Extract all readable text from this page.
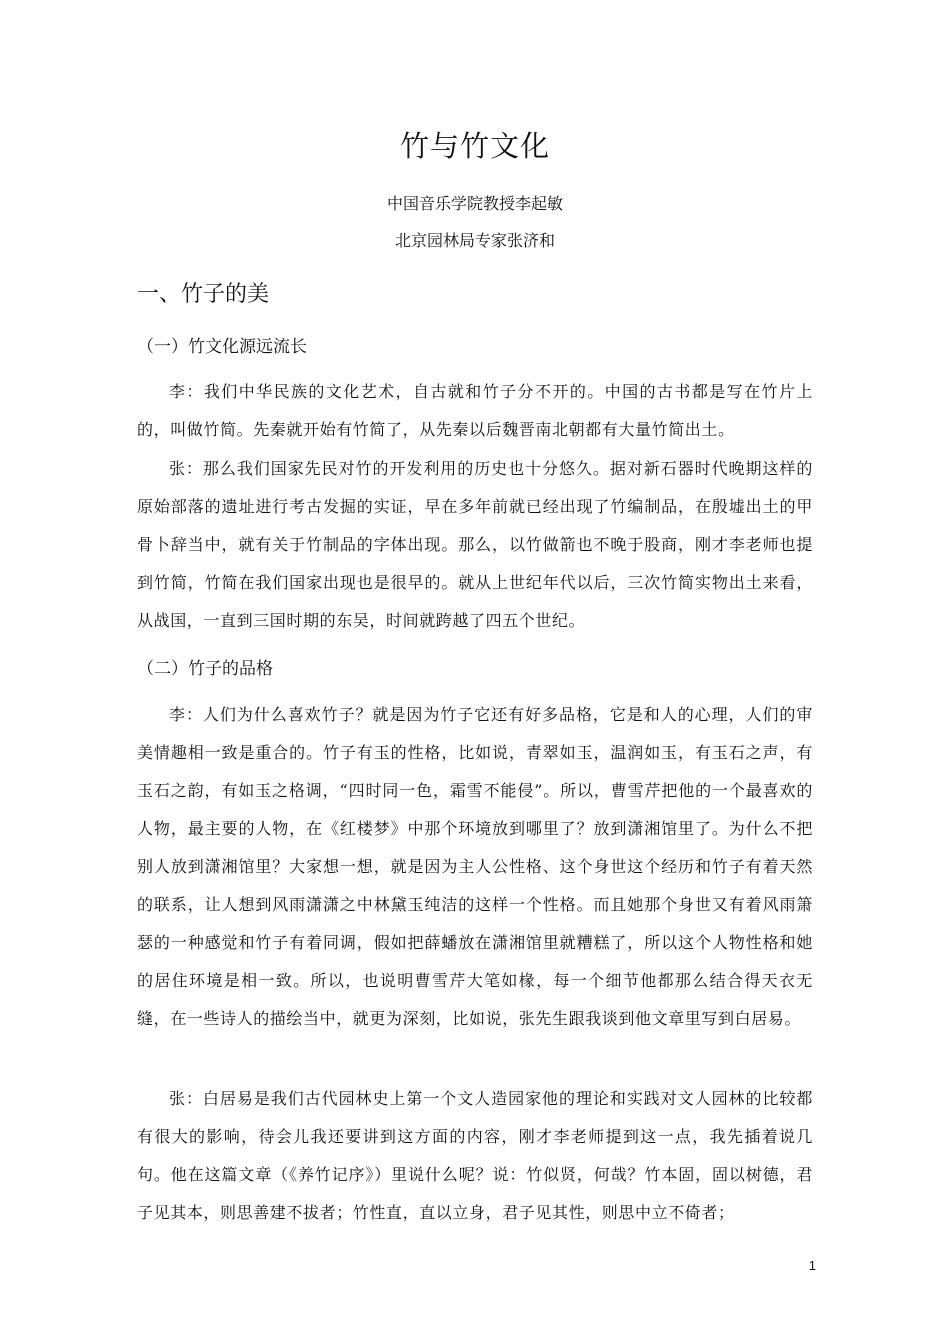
竹与竹文化
中国音乐学院教授李起敏
北京园林局专家张济和
一、竹子的美
（一）竹文化源远流长

李：我们中华民族的文化艺术，自古就和竹子分不开的。中国的古书都是写在竹片上的，叫做竹简。先秦就开始有竹简了，从先秦以后魏晋南北朝都有大量竹简出土。

张：那么我们国家先民对竹的开发利用的历史也十分悠久。据对新石器时代晚期这样的原始部落的遗址进行考古发掘的实证，早在多年前就已经出现了竹编制品，在殷墟出土的甲骨卜辞当中，就有关于竹制品的字体出现。那么，以竹做箭也不晚于股商，刚才李老师也提到竹简，竹简在我们国家出现也是很早的。就从上世纪年代以后，三次竹简实物出土来看，从战国，一直到三国时期的东吴，时间就跨越了四五个世纪。

（二）竹子的品格

李：人们为什么喜欢竹子？就是因为竹子它还有好多品格，它是和人的心理，人们的审美情趣相一致是重合的。竹子有玉的性格，比如说，青翠如玉，温润如玉，有玉石之声，有玉石之韵，有如玉之格调，“四时同一色，霜雪不能侵”。所以，曹雪芹把他的一个最喜欢的人物，最主要的人物，在《红楼梦》中那个环境放到哪里了？放到潇湘馆里了。为什么不把别人放到潇湘馆里？大家想一想，就是因为主人公性格、这个身世这个经历和竹子有着天然的联系，让人想到风雨潇潇之中林黛玉纯洁的这样一个性格。而且她那个身世又有着风雨箫瑟的一种感觉和竹子有着同调，假如把薛蟠放在潇湘馆里就糟糕了，所以这个人物性格和她的居住环境是相一致。所以，也说明曹雪芹大笔如椽，每一个细节他都那么结合得天衣无缝，在一些诗人的描绘当中，就更为深刻，比如说，张先生跟我谈到他文章里写到白居易。

张：白居易是我们古代园林史上第一个文人造园家他的理论和实践对文人园林的比较都有很大的影响，待会儿我还要讲到这方面的内容，刚才李老师提到这一点，我先插着说几句。他在这篇文章（《养竹记序》）里说什么呢？说：竹似贤，何哉？竹本固，固以树德，君子见其本，则思善建不拔者；竹性直，直以立身，君子见其性，则思中立不倚者；

1
